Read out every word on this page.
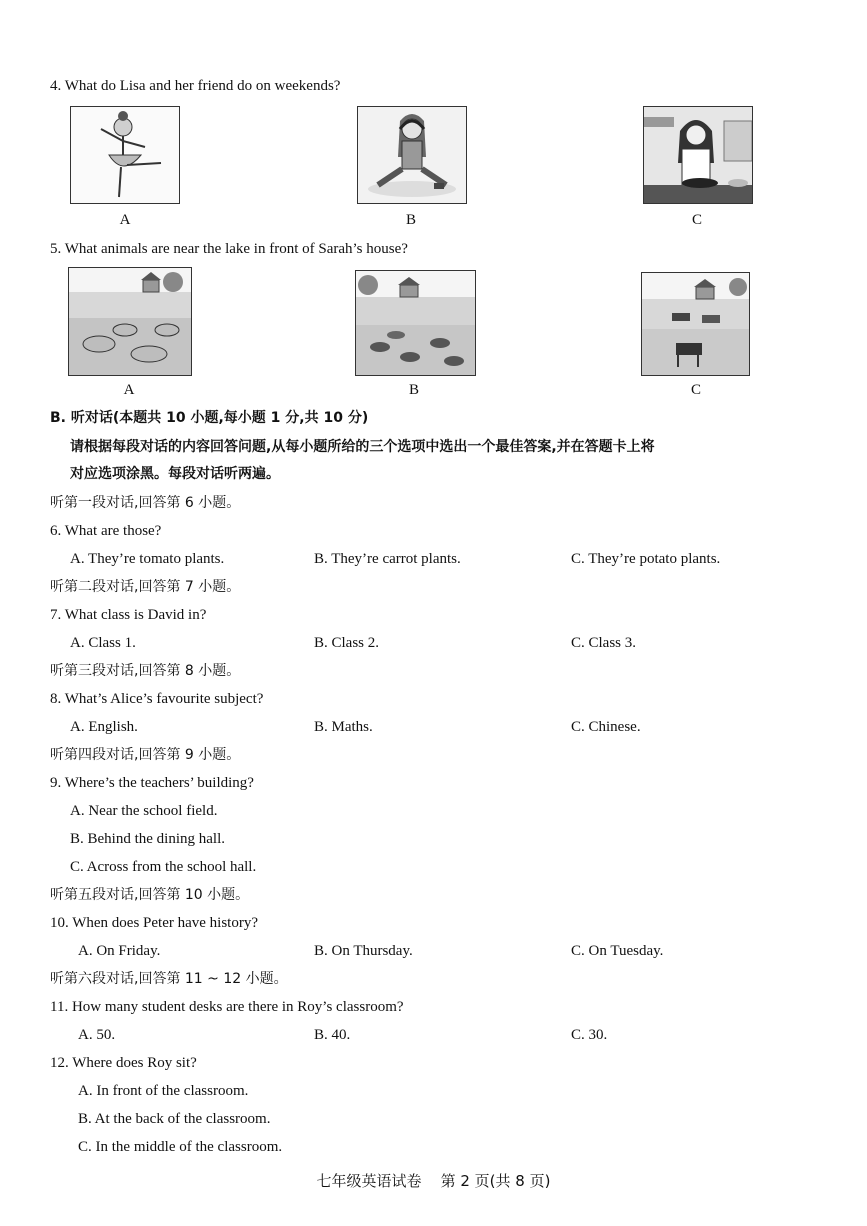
4. What do Lisa and her friend do on weekends?
A	B	C
5. What animals are near the lake in front of Sarah’s house?
A	B	C
B. 听对话(本题共 10 小题,每小题 1 分,共 10 分)
请根据每段对话的内容回答问题,从每小题所给的三个选项中选出一个最佳答案,并在答题卡上将
对应选项涂黑。每段对话听两遍。
听第一段对话,回答第 6 小题。
6. What are those?
A. They’re tomato plants.	B. They’re carrot plants.	C. They’re potato plants.
听第二段对话,回答第 7 小题。
7. What class is David in?
A. Class 1.	B. Class 2.	C. Class 3.
听第三段对话,回答第 8 小题。
8. What’s Alice’s favourite subject?
A. English.	B. Maths.	C. Chinese.
听第四段对话,回答第 9 小题。
9. Where’s the teachers’ building?
A. Near the school field.
B. Behind the dining hall.
C. Across from the school hall.
听第五段对话,回答第 10 小题。
10. When does Peter have history?
A. On Friday.	B. On Thursday.	C. On Tuesday.
听第六段对话,回答第 11 ~ 12 小题。
11. How many student desks are there in Roy’s classroom?
A. 50.	B. 40.	C. 30.
12. Where does Roy sit?
A. In front of the classroom.
B. At the back of the classroom.
C. In the middle of the classroom.
七年级英语试卷    第 2 页(共 8 页)
